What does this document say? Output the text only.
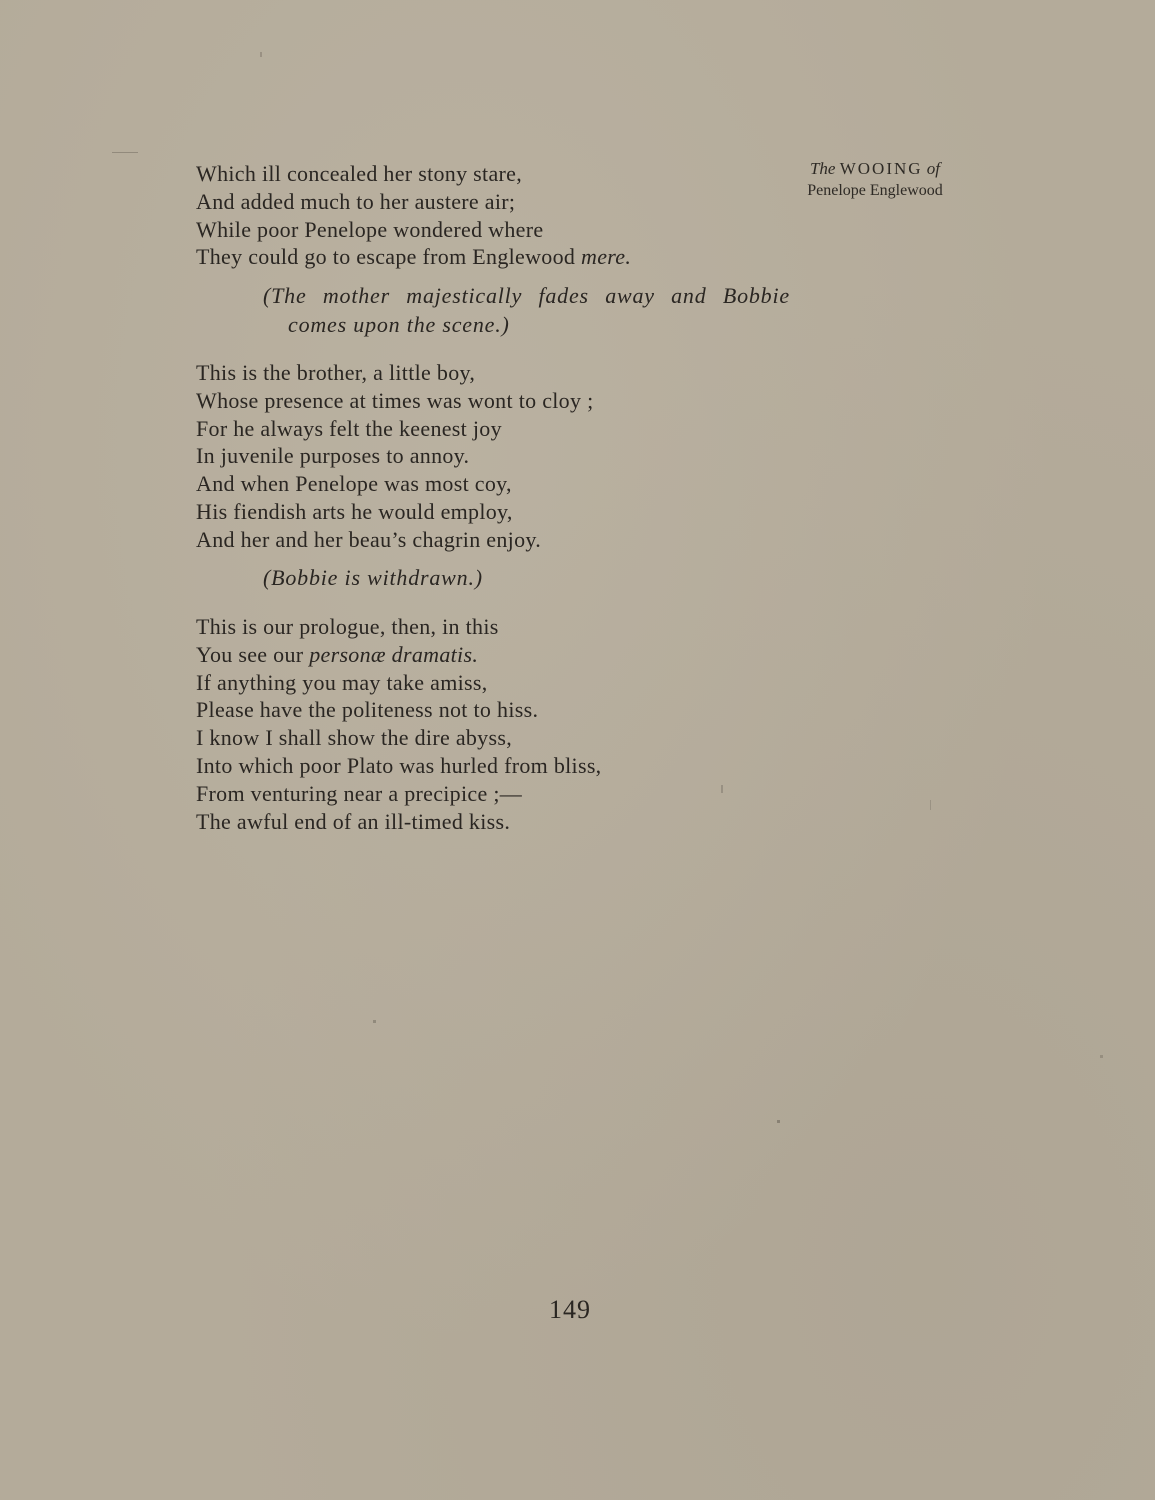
The WOOING of
Penelope Englewood
Which ill concealed her stony stare,
And added much to her austere air;
While poor Penelope wondered where
They could go to escape from Englewood mere.
(The mother majestically fades away and Bobbie
comes upon the scene.)
This is the brother, a little boy,
Whose presence at times was wont to cloy ;
For he always felt the keenest joy
In juvenile purposes to annoy.
And when Penelope was most coy,
His fiendish arts he would employ,
And her and her beau’s chagrin enjoy.
(Bobbie is withdrawn.)
This is our prologue, then, in this
You see our personæ dramatis.
If anything you may take amiss,
Please have the politeness not to hiss.
I know I shall show the dire abyss,
Into which poor Plato was hurled from bliss,
From venturing near a precipice ;—
The awful end of an ill-timed kiss.
149
